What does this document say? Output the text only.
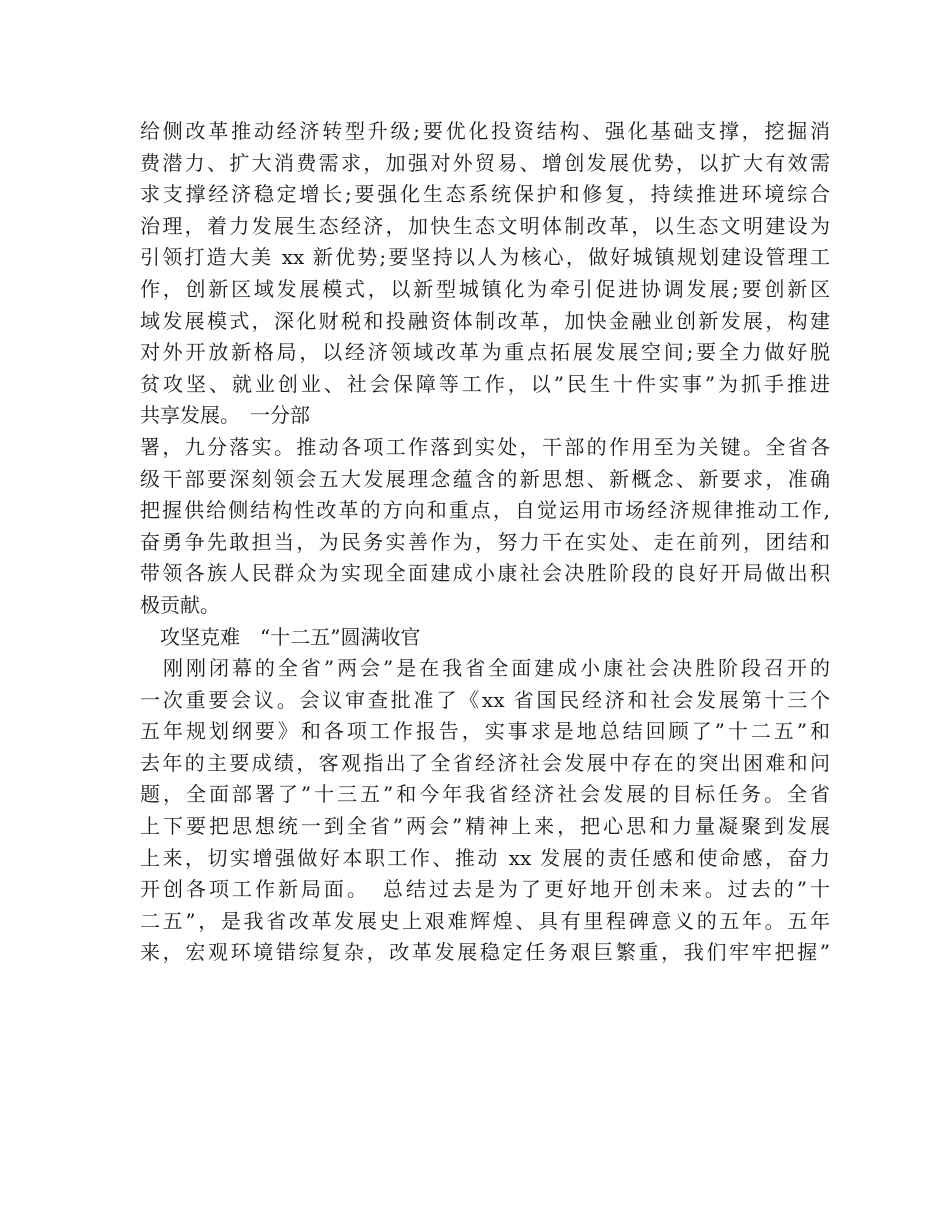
给侧改革推动经济转型升级;要优化投资结构、强化基础支撑，挖掘消
费潜力、扩大消费需求，加强对外贸易、增创发展优势，以扩大有效需
求支撑经济稳定增长;要强化生态系统保护和修复，持续推进环境综合
治理，着力发展生态经济，加快生态文明体制改革，以生态文明建设为
引领打造大美 xx 新优势;要坚持以人为核心，做好城镇规划建设管理工
作，创新区域发展模式，以新型城镇化为牵引促进协调发展;要创新区
域发展模式，深化财税和投融资体制改革，加快金融业创新发展，构建
对外开放新格局，以经济领域改革为重点拓展发展空间;要全力做好脱
贫攻坚、就业创业、社会保障等工作，以”民生十件实事”为抓手推进
共享发展。　一分部
署，九分落实。推动各项工作落到实处，干部的作用至为关键。全省各
级干部要深刻领会五大发展理念蕴含的新思想、新概念、新要求，准确
把握供给侧结构性改革的方向和重点，自觉运用市场经济规律推动工作,
奋勇争先敢担当，为民务实善作为，努力干在实处、走在前列，团结和
带领各族人民群众为实现全面建成小康社会决胜阶段的良好开局做出积
极贡献。
　攻坚克难　“十二五”圆满收官
　刚刚闭幕的全省”两会”是在我省全面建成小康社会决胜阶段召开的
一次重要会议。会议审查批准了《xx 省国民经济和社会发展第十三个
五年规划纲要》和各项工作报告，实事求是地总结回顾了”十二五”和
去年的主要成绩，客观指出了全省经济社会发展中存在的突出困难和问
题，全面部署了”十三五”和今年我省经济社会发展的目标任务。全省
上下要把思想统一到全省”两会”精神上来，把心思和力量凝聚到发展
上来，切实增强做好本职工作、推动 xx 发展的责任感和使命感，奋力
开创各项工作新局面。　总结过去是为了更好地开创未来。过去的”十
二五”，是我省改革发展史上艰难辉煌、具有里程碑意义的五年。五年
来，宏观环境错综复杂，改革发展稳定任务艰巨繁重，我们牢牢把握”
